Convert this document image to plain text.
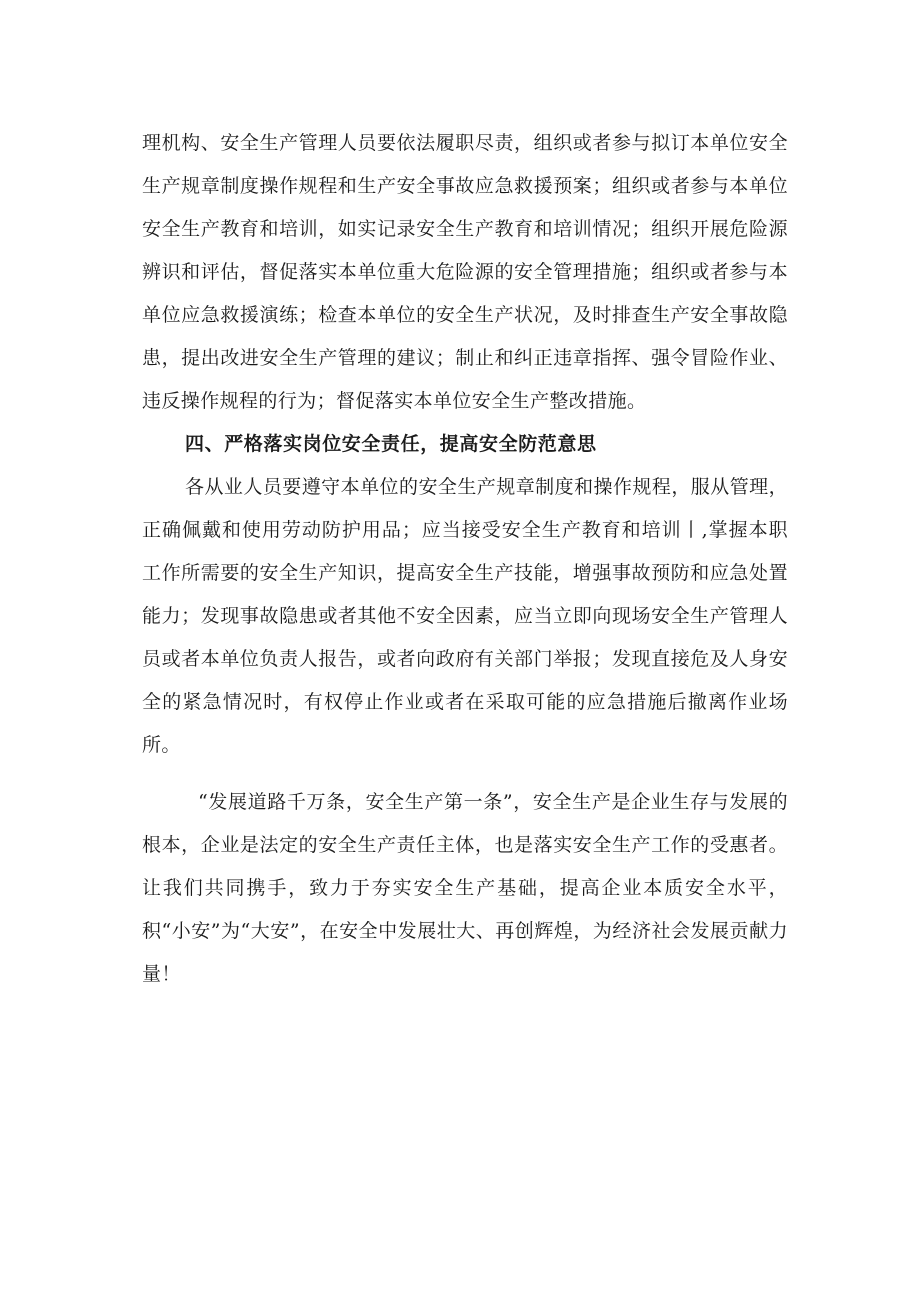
理机构、安全生产管理人员要依法履职尽责，组织或者参与拟订本单位安全生产规章制度操作规程和生产安全事故应急救援预案；组织或者参与本单位安全生产教育和培训，如实记录安全生产教育和培训情况；组织开展危险源辨识和评估，督促落实本单位重大危险源的安全管理措施；组织或者参与本单位应急救援演练；检查本单位的安全生产状况，及时排查生产安全事故隐患，提出改进安全生产管理的建议；制止和纠正违章指挥、强令冒险作业、违反操作规程的行为；督促落实本单位安全生产整改措施。

四、严格落实岗位安全责任，提高安全防范意思

各从业人员要遵守本单位的安全生产规章制度和操作规程，服从管理，正确佩戴和使用劳动防护用品；应当接受安全生产教育和培训丨,掌握本职工作所需要的安全生产知识，提高安全生产技能，增强事故预防和应急处置能力；发现事故隐患或者其他不安全因素，应当立即向现场安全生产管理人员或者本单位负责人报告，或者向政府有关部门举报；发现直接危及人身安全的紧急情况时，有权停止作业或者在采取可能的应急措施后撤离作业场所。

“发展道路千万条，安全生产第一条”，安全生产是企业生存与发展的根本，企业是法定的安全生产责任主体，也是落实安全生产工作的受惠者。让我们共同携手，致力于夯实安全生产基础，提高企业本质安全水平，积“小安”为“大安”，在安全中发展壮大、再创辉煌，为经济社会发展贡献力量！
